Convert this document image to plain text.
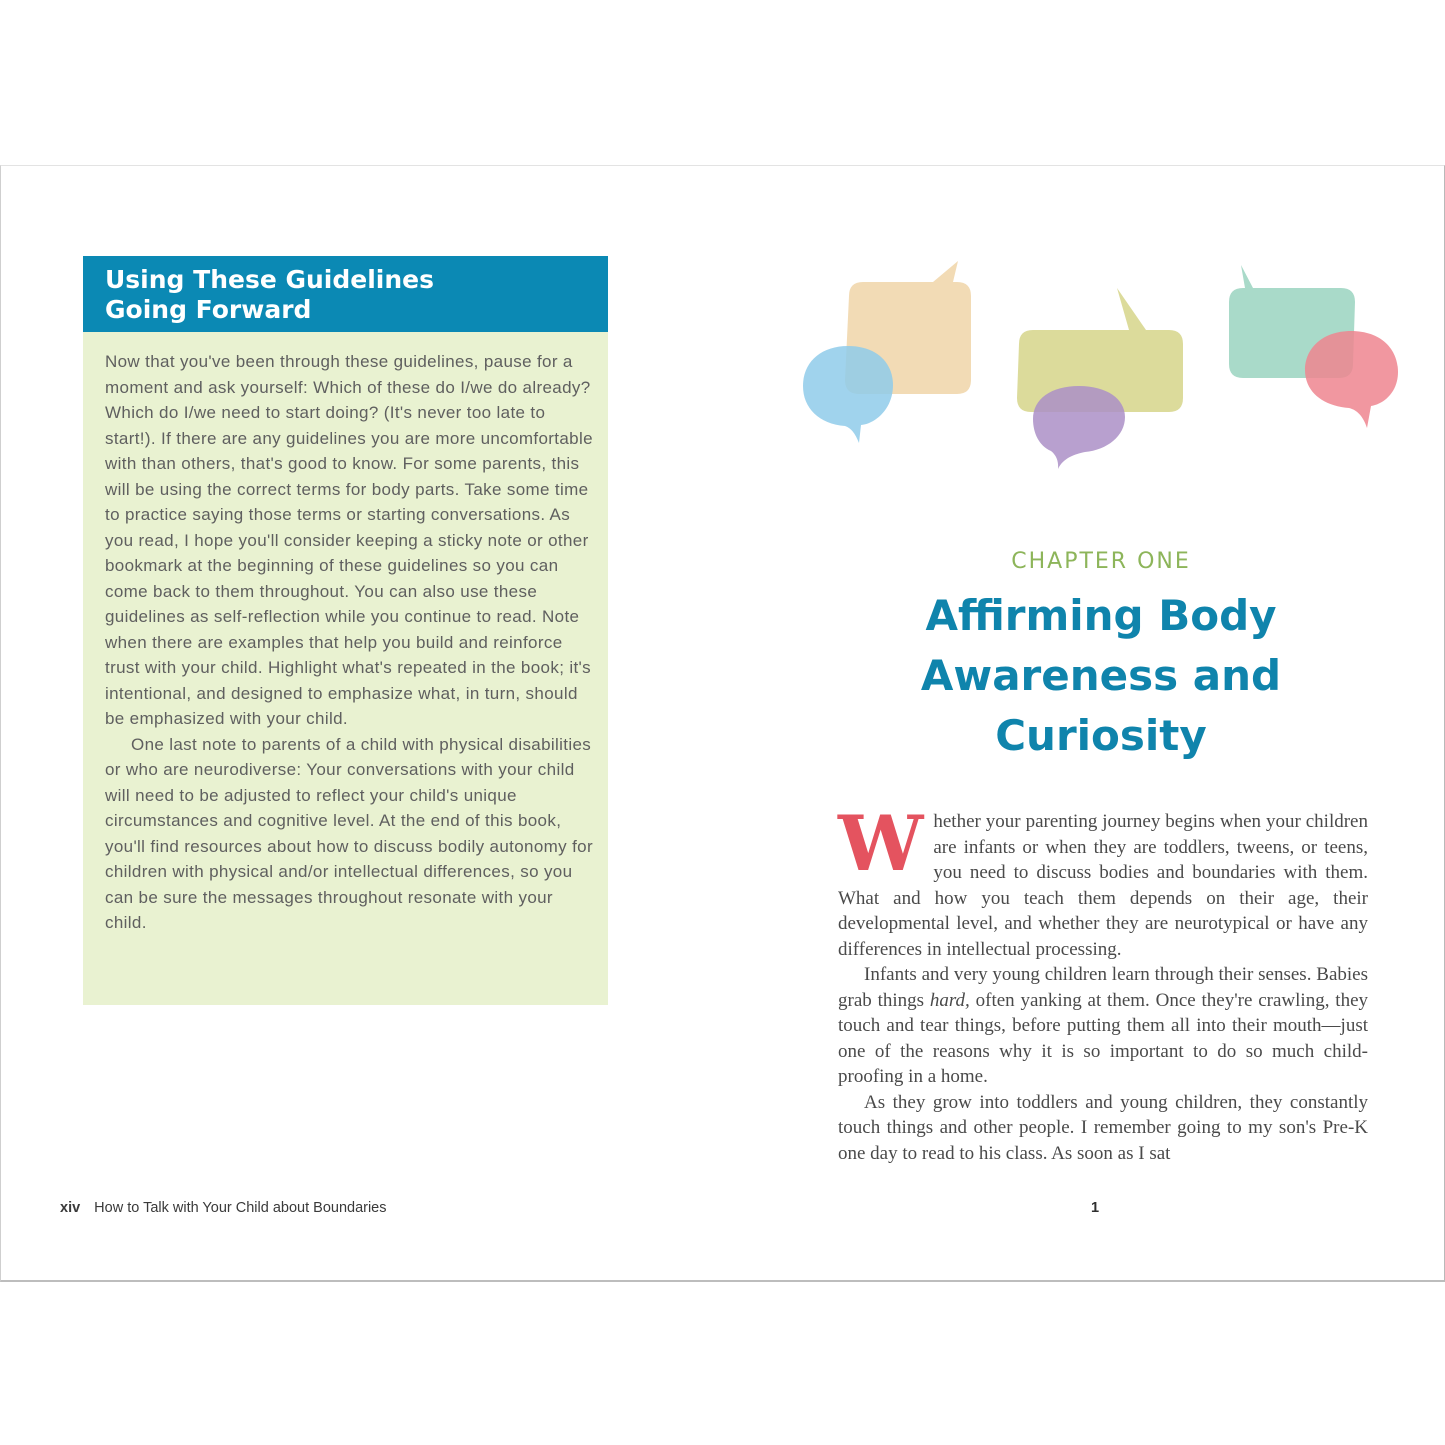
Using These Guidelines
Going Forward

Now that you've been through these guidelines, pause for a moment and ask yourself: Which of these do I/we do already? Which do I/we need to start doing? (It's never too late to start!). If there are any guidelines you are more uncomfortable with than others, that's good to know. For some parents, this will be using the correct terms for body parts. Take some time to practice saying those terms or starting conversations. As you read, I hope you'll consider keeping a sticky note or other bookmark at the beginning of these guidelines so you can come back to them throughout. You can also use these guidelines as self-reflection while you continue to read. Note when there are examples that help you build and reinforce trust with your child. Highlight what's repeated in the book; it's intentional, and designed to emphasize what, in turn, should be emphasized with your child.

One last note to parents of a child with physical disabilities or who are neurodiverse: Your conversations with your child will need to be adjusted to reflect your child's unique circumstances and cognitive level. At the end of this book, you'll find resources about how to discuss bodily autonomy for children with physical and/or intellectual differences, so you can be sure the messages throughout resonate with your child.

xiv How to Talk with Your Child about Boundaries
CHAPTER ONE
Affirming Body
Awareness and
Curiosity

Whether your parenting journey begins when your children are infants or when they are toddlers, tweens, or teens, you need to discuss bodies and boundaries with them. What and how you teach them depends on their age, their developmental level, and whether they are neurotypical or have any differences in intellectual processing.

Infants and very young children learn through their senses. Babies grab things hard, often yanking at them. Once they're crawling, they touch and tear things, before putting them all into their mouth—just one of the reasons why it is so important to do so much child-proofing in a home.

As they grow into toddlers and young children, they constantly touch things and other people. I remember going to my son's Pre-K one day to read to his class. As soon as I sat

1
